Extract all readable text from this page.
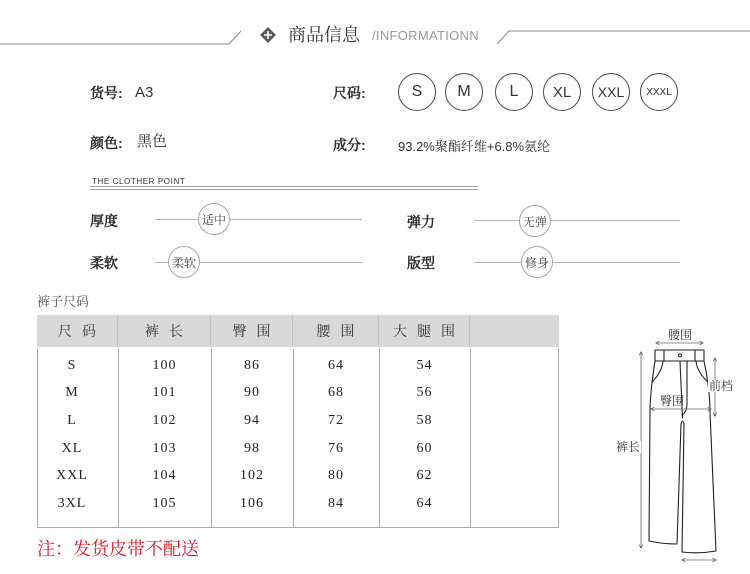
商品信息 /INFORMATIONN
货号: A3	尺码:	S	M	L	XL	XXL	XXXL
颜色: 黑色	成分: 93.2%聚酯纤维+6.8%氨纶
THE CLOTHER POINT
厚度	适中	弹力	无弹
柔软	柔软	版型	修身
裤子尺码
尺码	裤长	臀围	腰围	大腿围
S	100	86	64	54
M	101	90	68	56
L	102	94	72	58
XL	103	98	76	60
XXL	104	102	80	62
3XL	105	106	84	64
注：发货皮带不配送
腰围
前档
臀围
裤长
